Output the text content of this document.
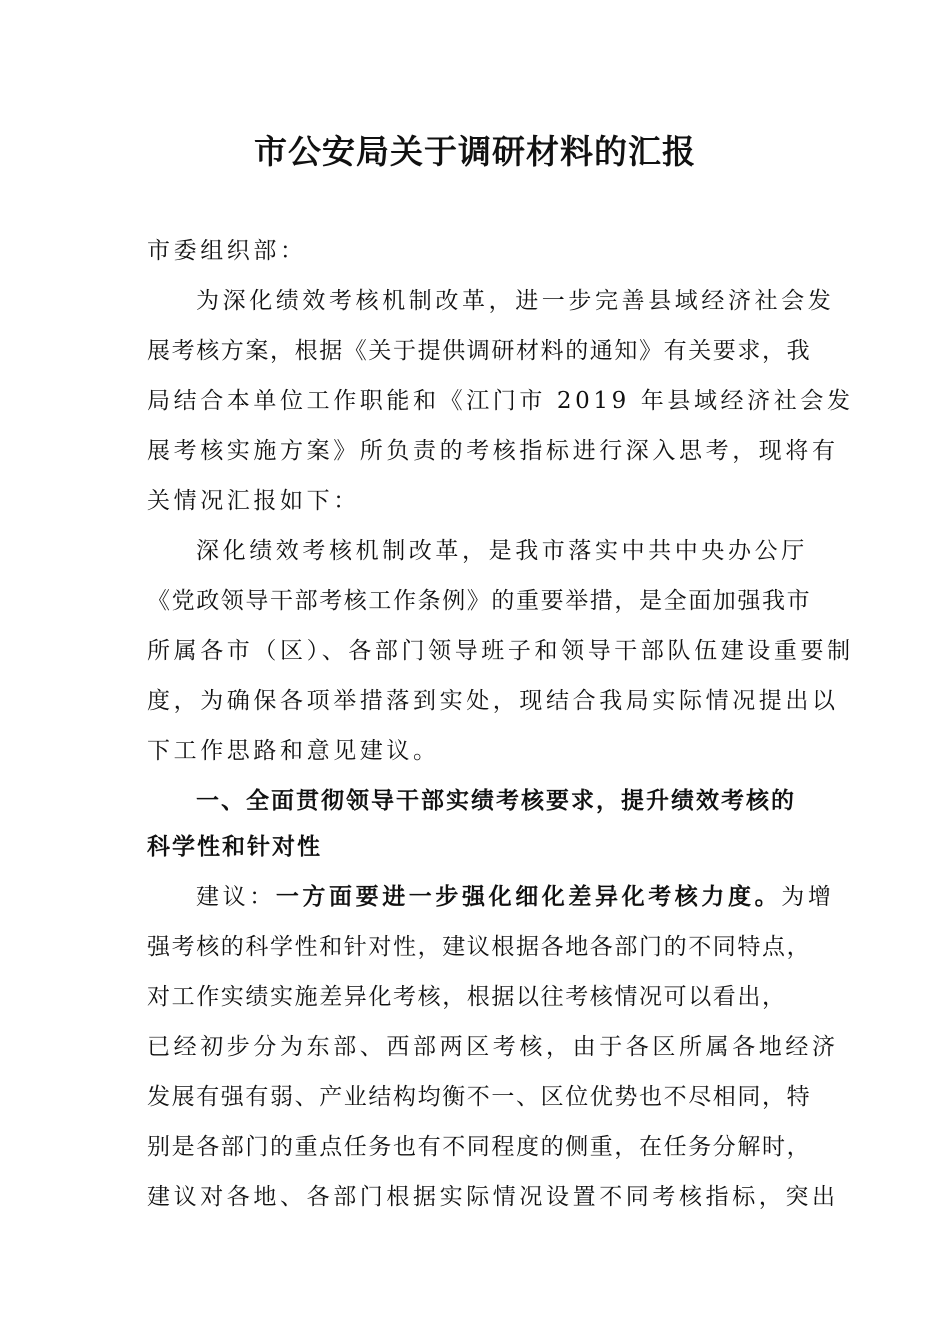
市公安局关于调研材料的汇报
市委组织部：
为深化绩效考核机制改革，进一步完善县域经济社会发
展考核方案，根据《关于提供调研材料的通知》有关要求，我
局结合本单位工作职能和《江门市 2019 年县域经济社会发
展考核实施方案》所负责的考核指标进行深入思考，现将有
关情况汇报如下：
深化绩效考核机制改革，是我市落实中共中央办公厅
《党政领导干部考核工作条例》的重要举措，是全面加强我市
所属各市（区）、各部门领导班子和领导干部队伍建设重要制
度，为确保各项举措落到实处，现结合我局实际情况提出以
下工作思路和意见建议。
一、全面贯彻领导干部实绩考核要求，提升绩效考核的
科学性和针对性
建议：一方面要进一步强化细化差异化考核力度。为增
强考核的科学性和针对性，建议根据各地各部门的不同特点，
对工作实绩实施差异化考核，根据以往考核情况可以看出，
已经初步分为东部、西部两区考核，由于各区所属各地经济
发展有强有弱、产业结构均衡不一、区位优势也不尽相同，特
别是各部门的重点任务也有不同程度的侧重，在任务分解时，
建议对各地、各部门根据实际情况设置不同考核指标，突出
